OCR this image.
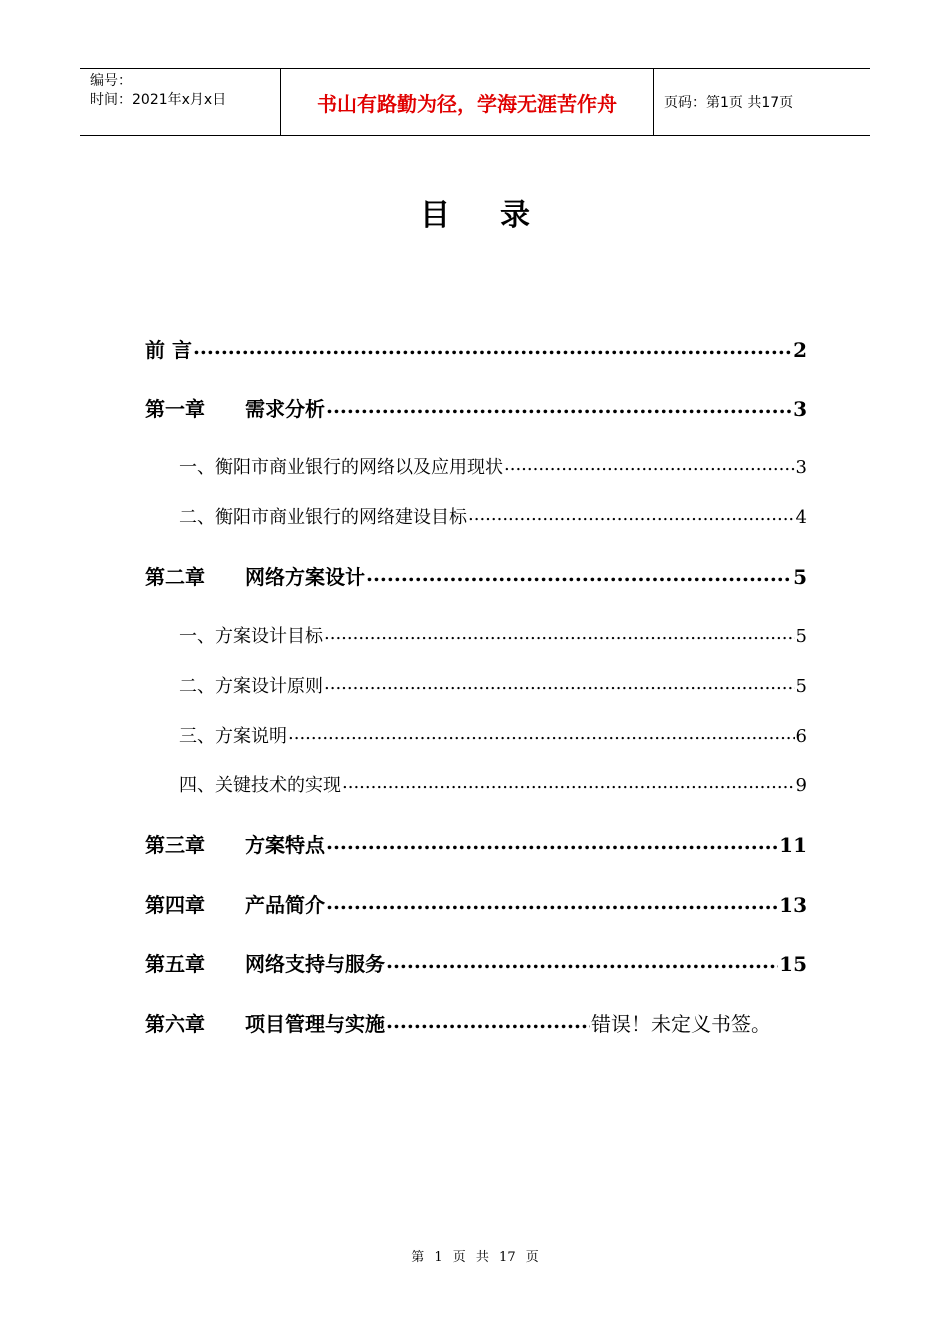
编号：
时间：2021年x月x日	书山有路勤为径，学海无涯苦作舟	页码：第1页 共17页
目录
前 言 .....	2
第一章	需求分析 .....	3
一、衡阳市商业银行的网络以及应用现状 .....	3
二、衡阳市商业银行的网络建设目标 .....	4
第二章	网络方案设计 .....	5
一、方案设计目标 .....	5
二、方案设计原则 .....	5
三、方案说明 .....	6
四、关键技术的实现 .....	9
第三章	方案特点 .....	11
第四章	产品简介 .....	13
第五章	网络支持与服务 .....	15
第六章	项目管理与实施 .....	错误！未定义书签。
第 1 页 共 17 页
